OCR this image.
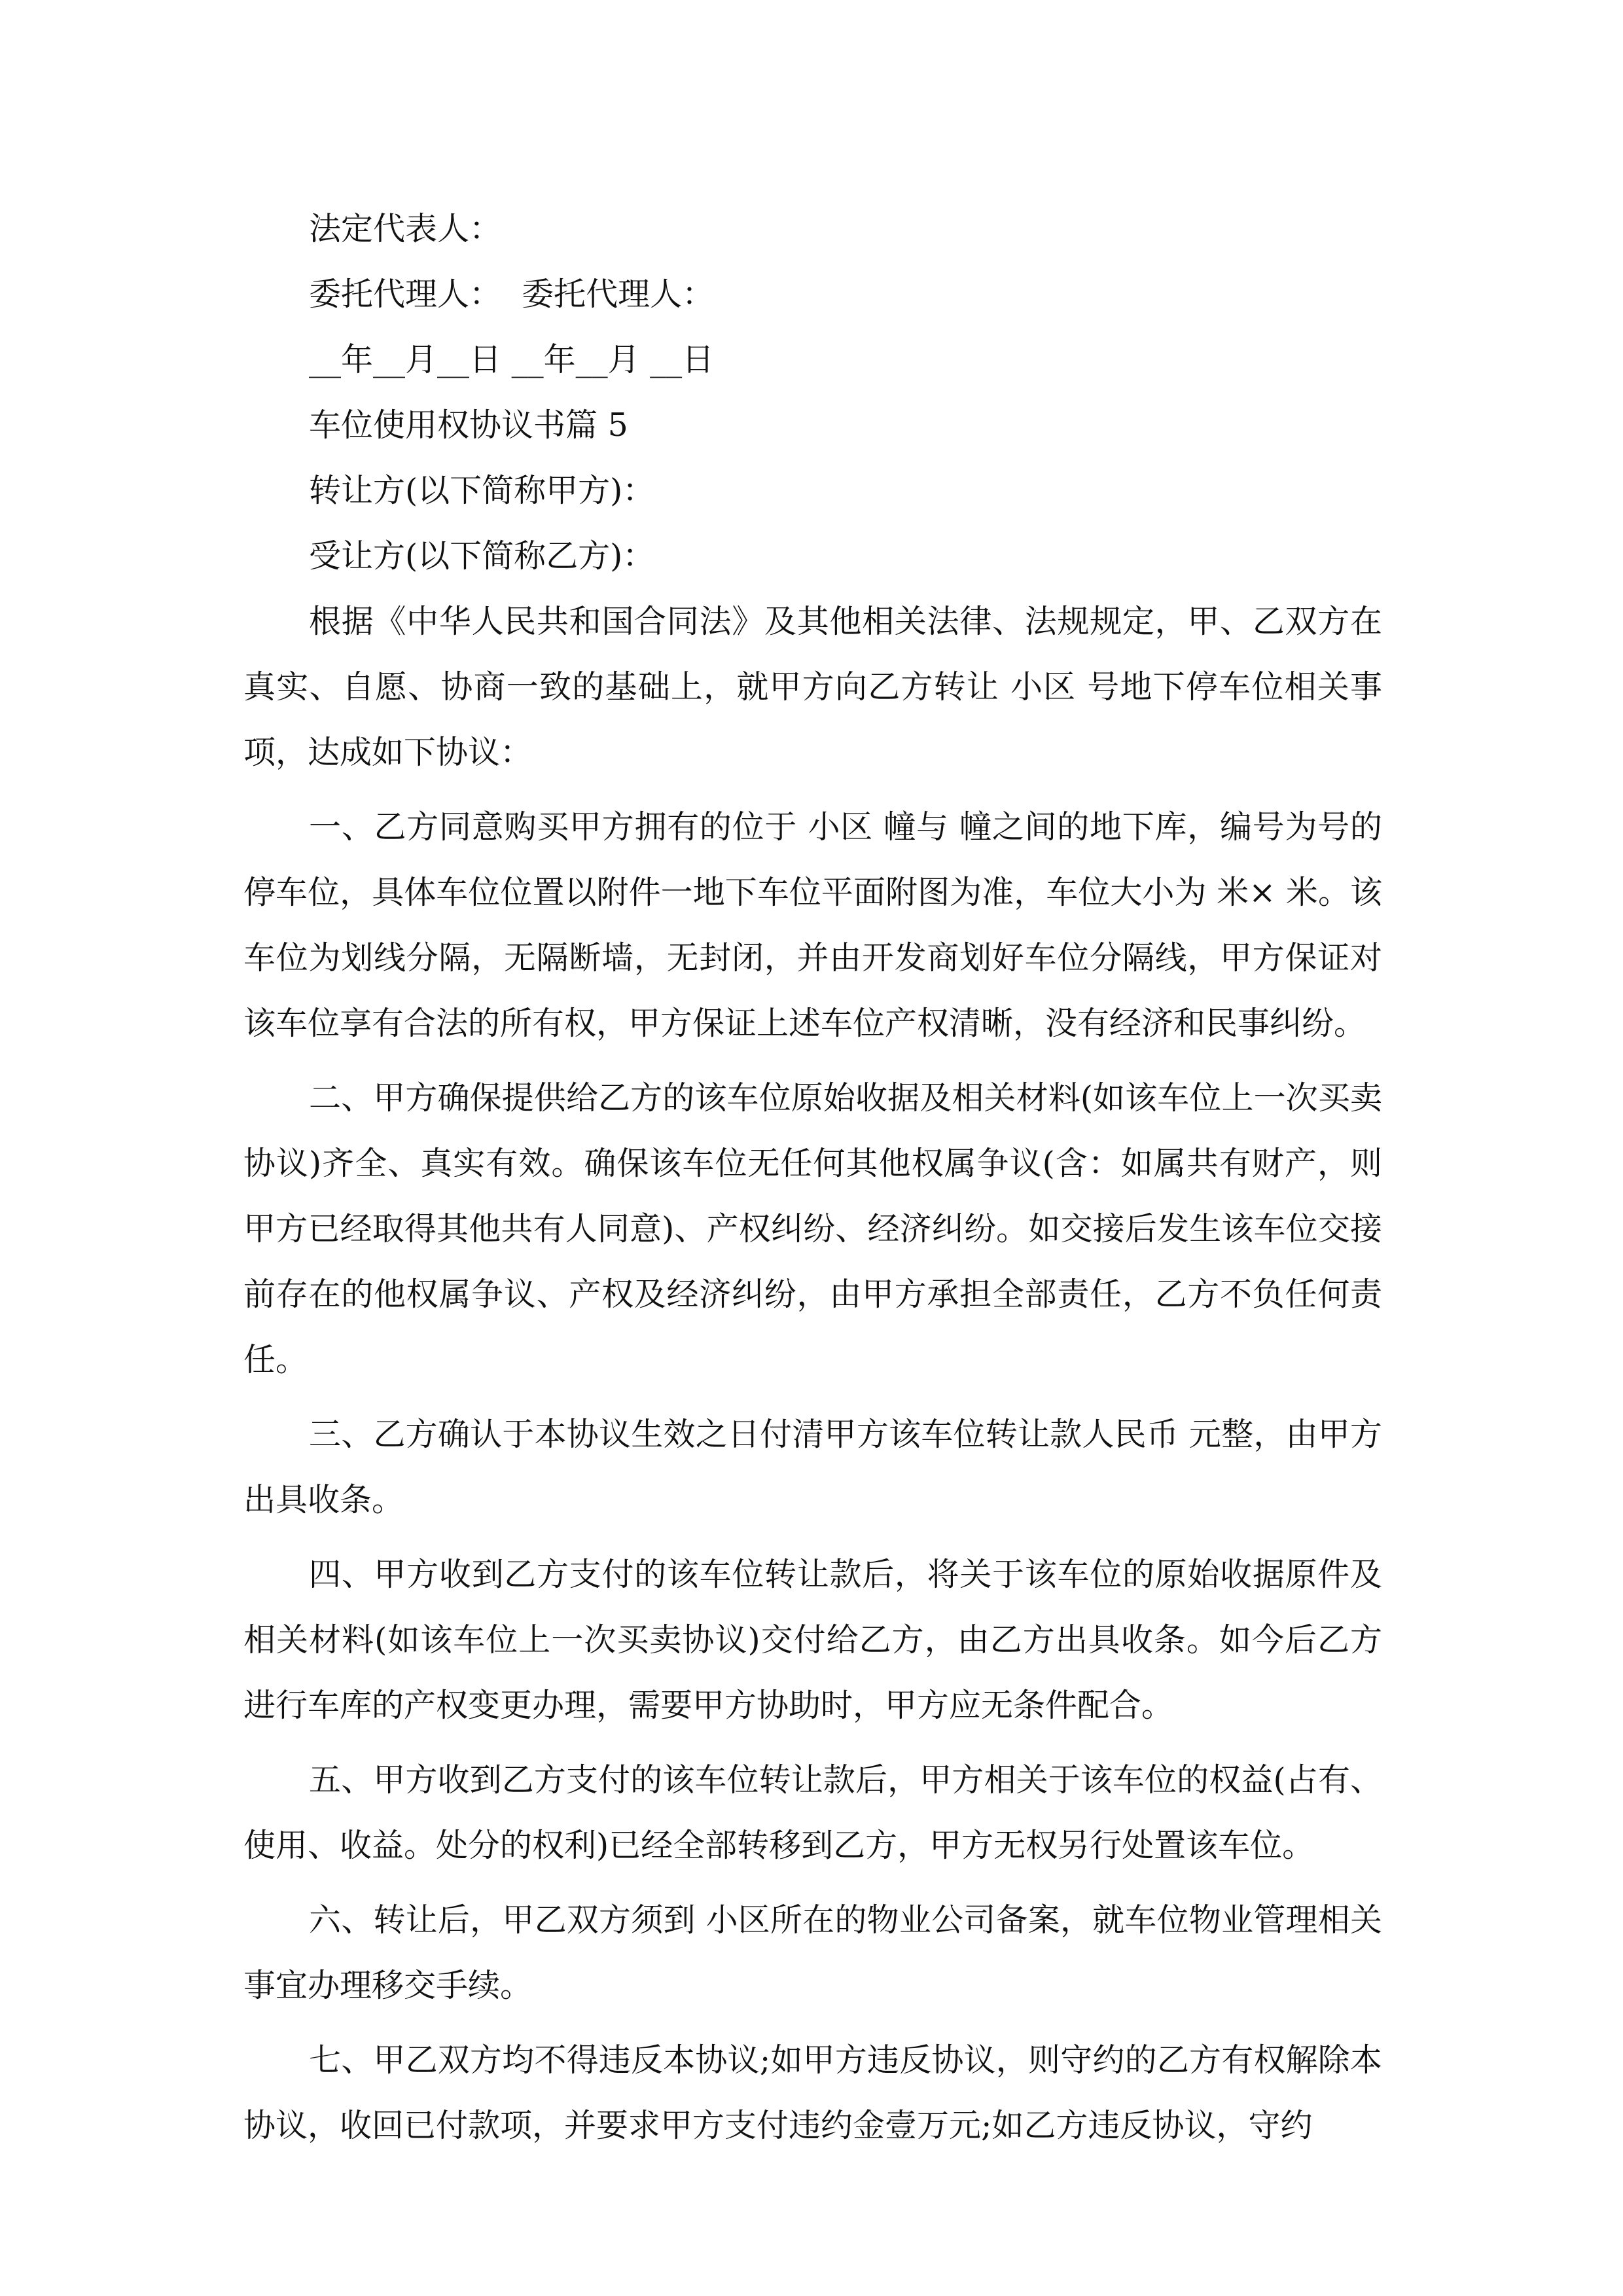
法定代表人：

委托代理人：  委托代理人：

__年__月__日 __年__月 __日

车位使用权协议书篇 5

转让方(以下简称甲方)：

受让方(以下简称乙方)：

根据《中华人民共和国合同法》及其他相关法律、法规规定，甲、乙双方在真实、自愿、协商一致的基础上，就甲方向乙方转让 小区 号地下停车位相关事项，达成如下协议：

一、乙方同意购买甲方拥有的位于 小区 幢与 幢之间的地下库，编号为号的停车位，具体车位位置以附件一地下车位平面附图为准，车位大小为 米× 米。该车位为划线分隔，无隔断墙，无封闭，并由开发商划好车位分隔线，甲方保证对该车位享有合法的所有权，甲方保证上述车位产权清晰，没有经济和民事纠纷。

二、甲方确保提供给乙方的该车位原始收据及相关材料(如该车位上一次买卖协议)齐全、真实有效。确保该车位无任何其他权属争议(含：如属共有财产，则甲方已经取得其他共有人同意)、产权纠纷、经济纠纷。如交接后发生该车位交接前存在的他权属争议、产权及经济纠纷，由甲方承担全部责任，乙方不负任何责任。

三、乙方确认于本协议生效之日付清甲方该车位转让款人民币 元整，由甲方出具收条。

四、甲方收到乙方支付的该车位转让款后，将关于该车位的原始收据原件及相关材料(如该车位上一次买卖协议)交付给乙方，由乙方出具收条。如今后乙方进行车库的产权变更办理，需要甲方协助时，甲方应无条件配合。

五、甲方收到乙方支付的该车位转让款后，甲方相关于该车位的权益(占有、使用、收益。处分的权利)已经全部转移到乙方，甲方无权另行处置该车位。

六、转让后，甲乙双方须到 小区所在的物业公司备案，就车位物业管理相关事宜办理移交手续。

七、甲乙双方均不得违反本协议;如甲方违反协议，则守约的乙方有权解除本协议，收回已付款项，并要求甲方支付违约金壹万元;如乙方违反协议，守约
